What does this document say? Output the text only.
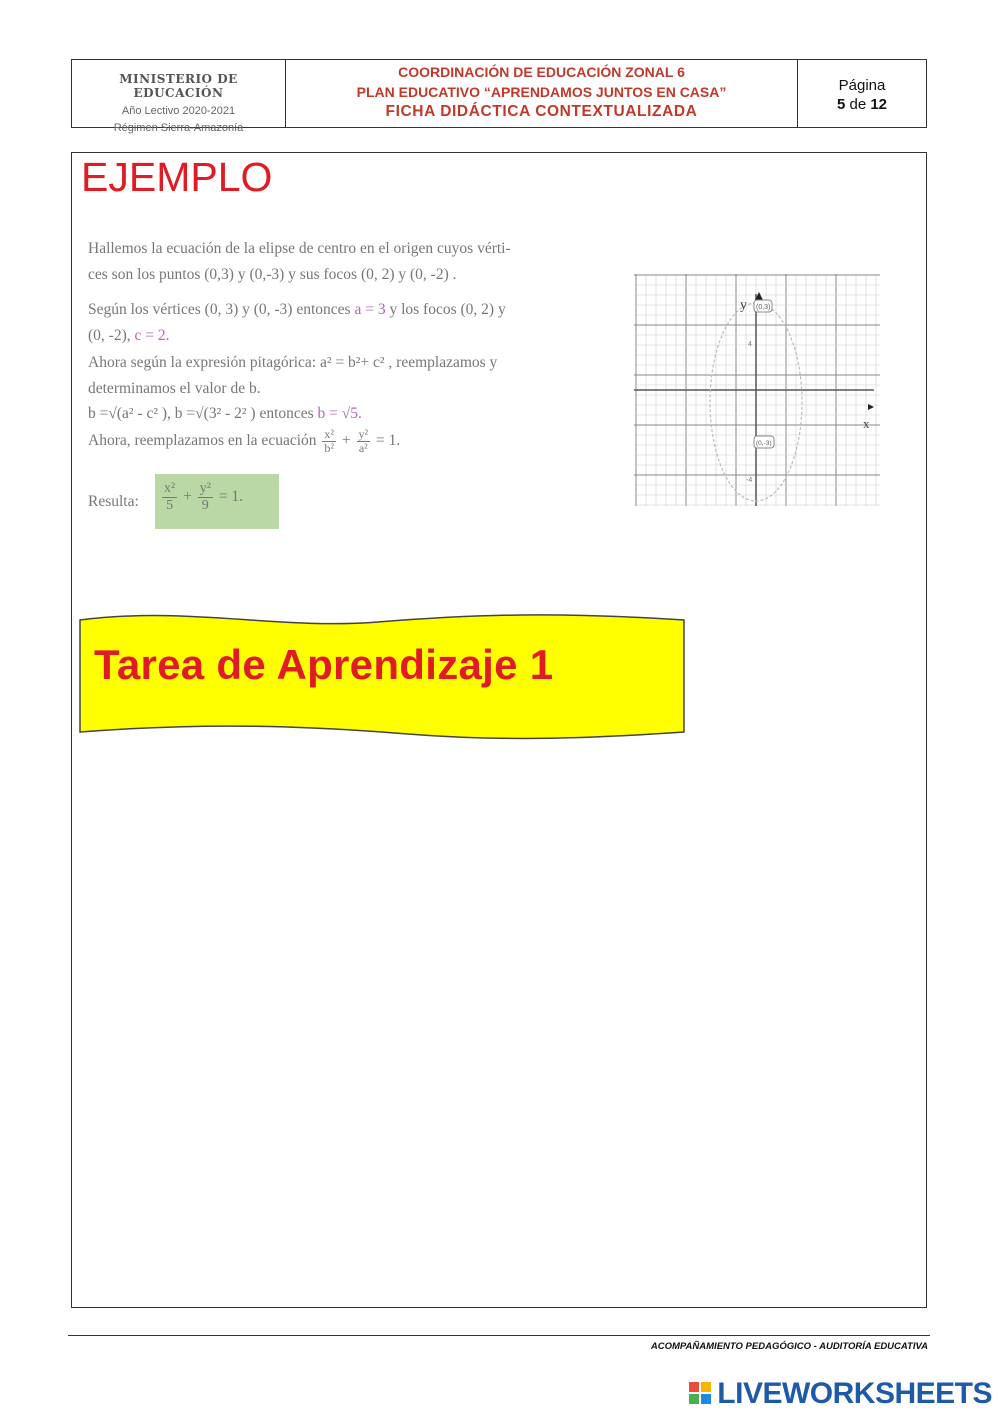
MINISTERIO DE EDUCACIÓN
Año Lectivo 2020-2021
Régimen Sierra-Amazonía
COORDINACIÓN DE EDUCACIÓN ZONAL 6
PLAN EDUCATIVO “APRENDAMOS JUNTOS EN CASA”
FICHA DIDÁCTICA CONTEXTUALIZADA
Página
5 de 12
EJEMPLO
Hallemos la ecuación de la elipse de centro en el origen cuyos vérti-
ces son los puntos (0,3) y (0,-3) y sus focos (0, 2) y (0, -2) .
Según los vértices (0, 3) y (0, -3) entonces a = 3 y los focos (0, 2) y
(0, -2), c = 2.
Ahora según la expresión pitagórica: a² = b²+ c² , reemplazamos y
determinamos el valor de b.
b =√(a² - c² ), b =√(3² - 2² ) entonces b = √5.
Ahora, reemplazamos en la ecuación $\frac{\text{x²}}{\text{b²}} + \frac{\text{y²}}{\text{a²}} = 1$.
Resulta: $\frac{\text{x²}}{5} + \frac{\text{y²}}{9} = 1$.
y
x
(0,3)
(0,-3)
4
-4
Tarea de Aprendizaje 1
ACOMPAÑAMIENTO PEDAGÓGICO - AUDITORÍA EDUCATIVA
LIVEWORKSHEETS
